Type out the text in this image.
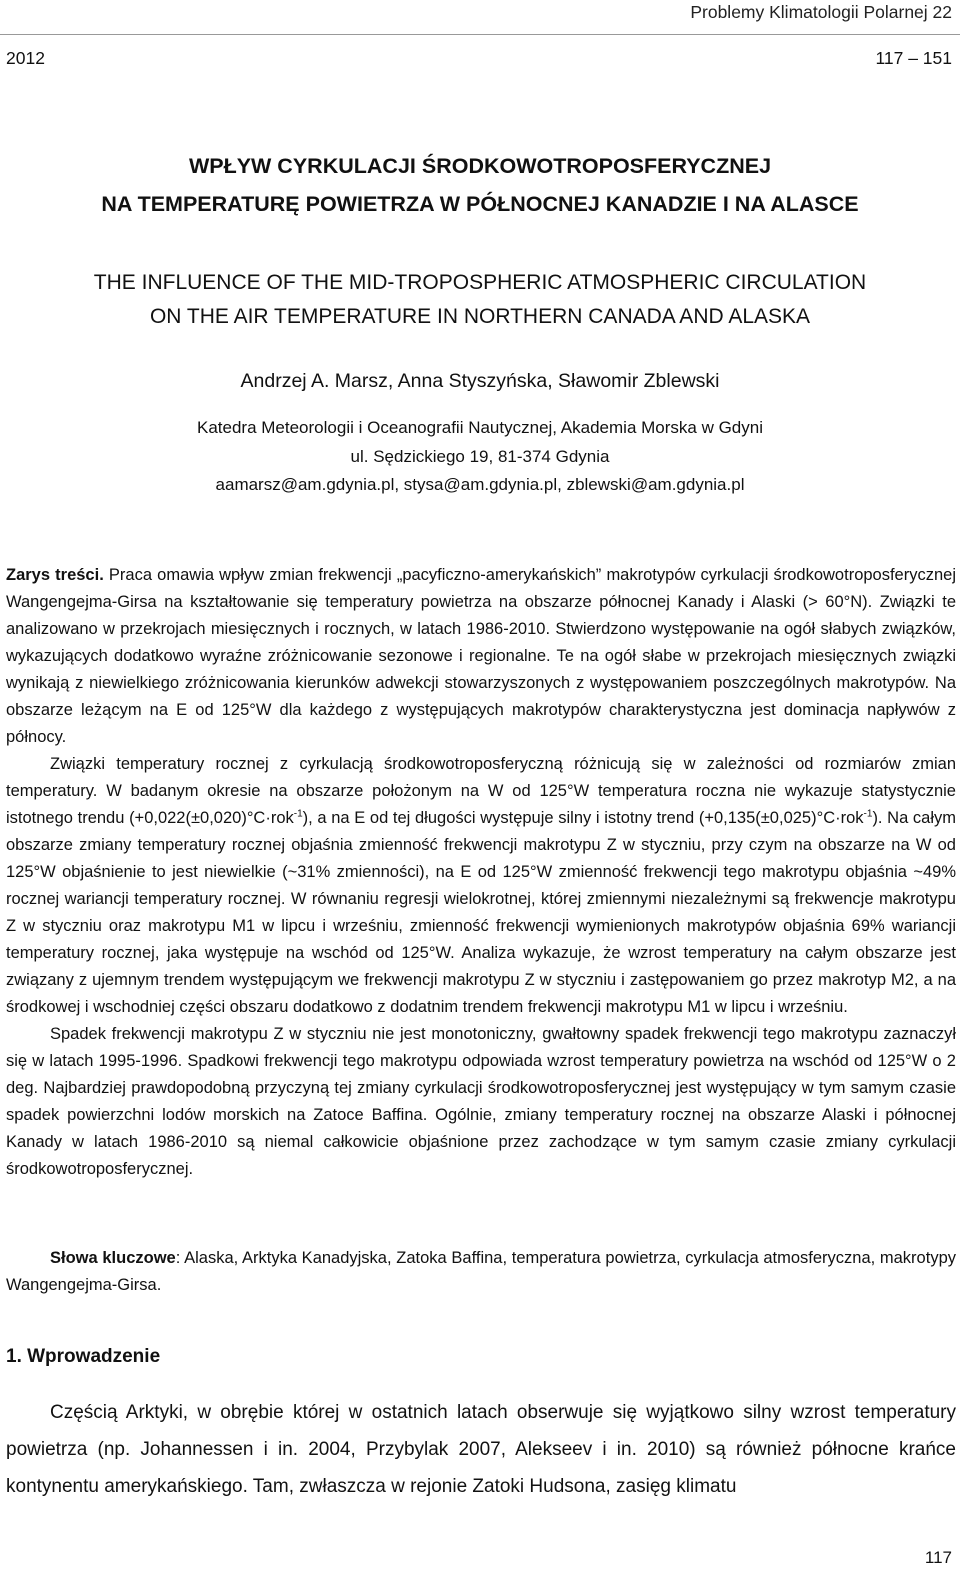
Problemy Klimatologii Polarnej 22
2012	117 – 151
WPŁYW CYRKULACJI ŚRODKOWOTROPOSFERYCZNEJ
NA TEMPERATURĘ POWIETRZA W PÓŁNOCNEJ KANADZIE I NA ALASCE
THE INFLUENCE OF THE MID-TROPOSPHERIC ATMOSPHERIC CIRCULATION
ON THE AIR TEMPERATURE IN NORTHERN CANADA AND ALASKA
Andrzej A. Marsz, Anna Styszyńska, Sławomir Zblewski
Katedra Meteorologii i Oceanografii Nautycznej, Akademia Morska w Gdyni
ul. Sędzickiego 19, 81-374 Gdynia
aamarsz@am.gdynia.pl, stysa@am.gdynia.pl, zblewski@am.gdynia.pl

Zarys treści. Praca omawia wpływ zmian frekwencji „pacyficzno-amerykańskich” makrotypów cyrkulacji środkowotroposferycznej Wangengejma-Girsa na kształtowanie się temperatury powietrza na obszarze północnej Kanady i Alaski (> 60°N). Związki te analizowano w przekrojach miesięcznych i rocznych, w latach 1986-2010. Stwierdzono występowanie na ogół słabych związków, wykazujących dodatkowo wyraźne zróżnicowanie sezonowe i regionalne. Te na ogół słabe w przekrojach miesięcznych związki wynikają z niewielkiego zróżnicowania kierunków adwekcji stowarzyszonych z występowaniem poszczególnych makrotypów. Na obszarze leżącym na E od 125°W dla każdego z występujących makrotypów charakterystyczna jest dominacja napływów z północy.

Związki temperatury rocznej z cyrkulacją środkowotroposferyczną różnicują się w zależności od rozmiarów zmian temperatury. W badanym okresie na obszarze położonym na W od 125°W temperatura roczna nie wykazuje statystycznie istotnego trendu (+0,022(±0,020)°C·rok$^{-1}$), a na E od tej długości występuje silny i istotny trend (+0,135(±0,025)°C·rok$^{-1}$). Na całym obszarze zmiany temperatury rocznej objaśnia zmienność frekwencji makrotypu Z w styczniu, przy czym na obszarze na W od 125°W objaśnienie to jest niewielkie (~31% zmienności), na E od 125°W zmienność frekwencji tego makrotypu objaśnia ~49% rocznej wariancji temperatury rocznej. W równaniu regresji wielokrotnej, której zmiennymi niezależnymi są frekwencje makrotypu Z w styczniu oraz makrotypu M1 w lipcu i wrześniu, zmienność frekwencji wymienionych makrotypów objaśnia 69% wariancji temperatury rocznej, jaka występuje na wschód od 125°W. Analiza wykazuje, że wzrost temperatury na całym obszarze jest związany z ujemnym trendem występującym we frekwencji makrotypu Z w styczniu i zastępowaniem go przez makrotyp M2, a na środkowej i wschodniej części obszaru dodatkowo z dodatnim trendem frekwencji makrotypu M1 w lipcu i wrześniu.

Spadek frekwencji makrotypu Z w styczniu nie jest monotoniczny, gwałtowny spadek frekwencji tego makrotypu zaznaczył się w latach 1995-1996. Spadkowi frekwencji tego makrotypu odpowiada wzrost temperatury powietrza na wschód od 125°W o 2 deg. Najbardziej prawdopodobną przyczyną tej zmiany cyrkulacji środkowotroposferycznej jest występujący w tym samym czasie spadek powierzchni lodów morskich na Zatoce Baffina. Ogólnie, zmiany temperatury rocznej na obszarze Alaski i północnej Kanady w latach 1986-2010 są niemal całkowicie objaśnione przez zachodzące w tym samym czasie zmiany cyrkulacji środkowotroposferycznej.

Słowa kluczowe: Alaska, Arktyka Kanadyjska, Zatoka Baffina, temperatura powietrza, cyrkulacja atmosferyczna, makrotypy Wangengejma-Girsa.

1. Wprowadzenie

Częścią Arktyki, w obrębie której w ostatnich latach obserwuje się wyjątkowo silny wzrost temperatury powietrza (np. Johannessen i in. 2004, Przybylak 2007, Alekseev i in. 2010) są również północne krańce kontynentu amerykańskiego. Tam, zwłaszcza w rejonie Zatoki Hudsona, zasięg klimatu

117
